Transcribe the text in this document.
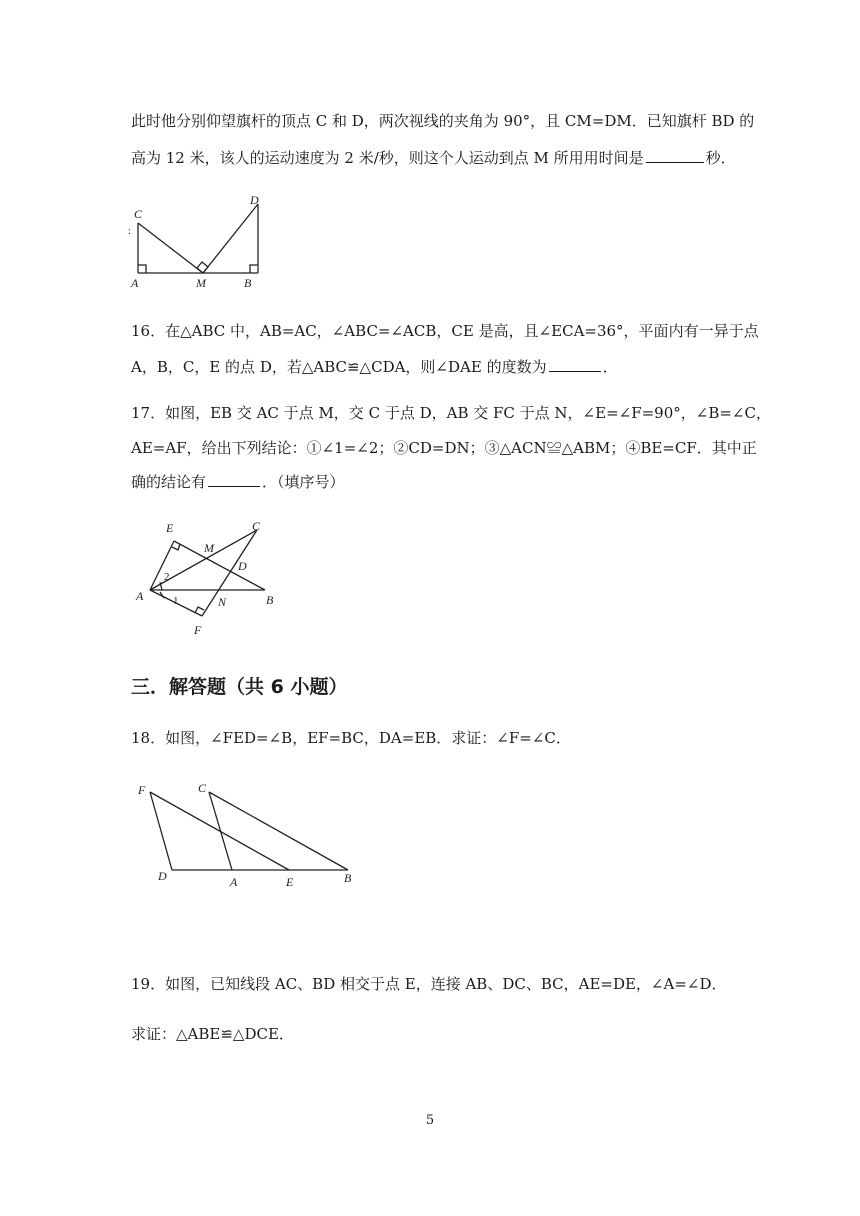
此时他分别仰望旗杆的顶点 C 和 D，两次视线的夹角为 90°，且 CM=DM．已知旗杆 BD 的
高为 12 米，该人的运动速度为 2 米/秒，则这个人运动到点 M 所用用时间是	秒．
C
D
A	M	B
:
16．在△ABC 中，AB=AC，∠ABC=∠ACB，CE 是高，且∠ECA=36°，平面内有一异于点
A，B，C，E 的点 D，若△ABC≌△CDA，则∠DAE 的度数为	．
17．如图，EB 交 AC 于点 M，交 C 于点 D，AB 交 FC 于点 N，∠E=∠F=90°，∠B=∠C，
AE=AF，给出下列结论：①∠1=∠2；②CD=DN；③△ACN≌△ABM；④BE=CF．其中正
确的结论有	．（填序号）
E	C
M
D
A	N	B
F
1
2
三．解答题（共 6 小题）
18．如图，∠FED=∠B，EF=BC，DA=EB．求证：∠F=∠C．
F	C
D	A	E	B
19．如图，已知线段 AC、BD 相交于点 E，连接 AB、DC、BC，AE=DE，∠A=∠D．
求证：△ABE≌△DCE．
5
